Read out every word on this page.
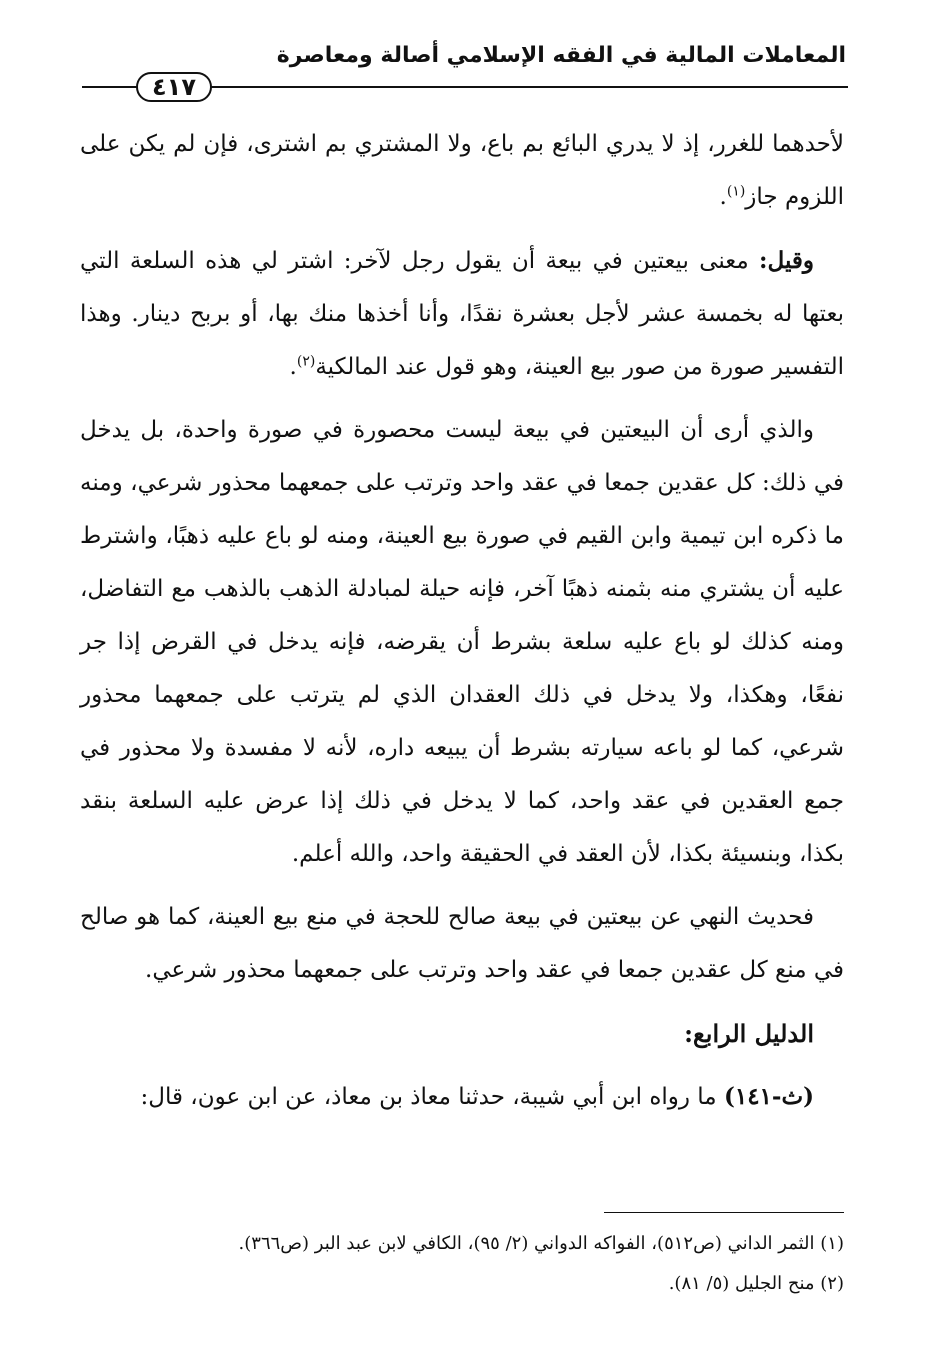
المعاملات المالية في الفقه الإسلامي أصالة ومعاصرة
٤١٧

لأحدهما للغرر، إذ لا يدري البائع بم باع، ولا المشتري بم اشترى، فإن لم يكن على اللزوم جاز$^{(١)}$.

وقيل: معنى بيعتين في بيعة أن يقول رجل لآخر: اشتر لي هذه السلعة التي بعتها له بخمسة عشر لأجل بعشرة نقدًا، وأنا أخذها منك بها، أو بربح دينار. وهذا التفسير صورة من صور بيع العينة، وهو قول عند المالكية$^{(٢)}$.

والذي أرى أن البيعتين في بيعة ليست محصورة في صورة واحدة، بل يدخل في ذلك: كل عقدين جمعا في عقد واحد وترتب على جمعهما محذور شرعي، ومنه ما ذكره ابن تيمية وابن القيم في صورة بيع العينة، ومنه لو باع عليه ذهبًا، واشترط عليه أن يشتري منه بثمنه ذهبًا آخر، فإنه حيلة لمبادلة الذهب بالذهب مع التفاضل، ومنه كذلك لو باع عليه سلعة بشرط أن يقرضه، فإنه يدخل في القرض إذا جر نفعًا، وهكذا، ولا يدخل في ذلك العقدان الذي لم يترتب على جمعهما محذور شرعي، كما لو باعه سيارته بشرط أن يبيعه داره، لأنه لا مفسدة ولا محذور في جمع العقدين في عقد واحد، كما لا يدخل في ذلك إذا عرض عليه السلعة بنقد بكذا، وبنسيئة بكذا، لأن العقد في الحقيقة واحد، والله أعلم.

فحديث النهي عن بيعتين في بيعة صالح للحجة في منع بيع العينة، كما هو صالح في منع كل عقدين جمعا في عقد واحد وترتب على جمعهما محذور شرعي.

الدليل الرابع:

(ث-١٤١) ما رواه ابن أبي شيبة، حدثنا معاذ بن معاذ، عن ابن عون، قال:

(١) الثمر الداني (ص٥١٢)، الفواكه الدواني (٢/ ٩٥)، الكافي لابن عبد البر (ص٣٦٦).
(٢) منح الجليل (٥/ ٨١).
